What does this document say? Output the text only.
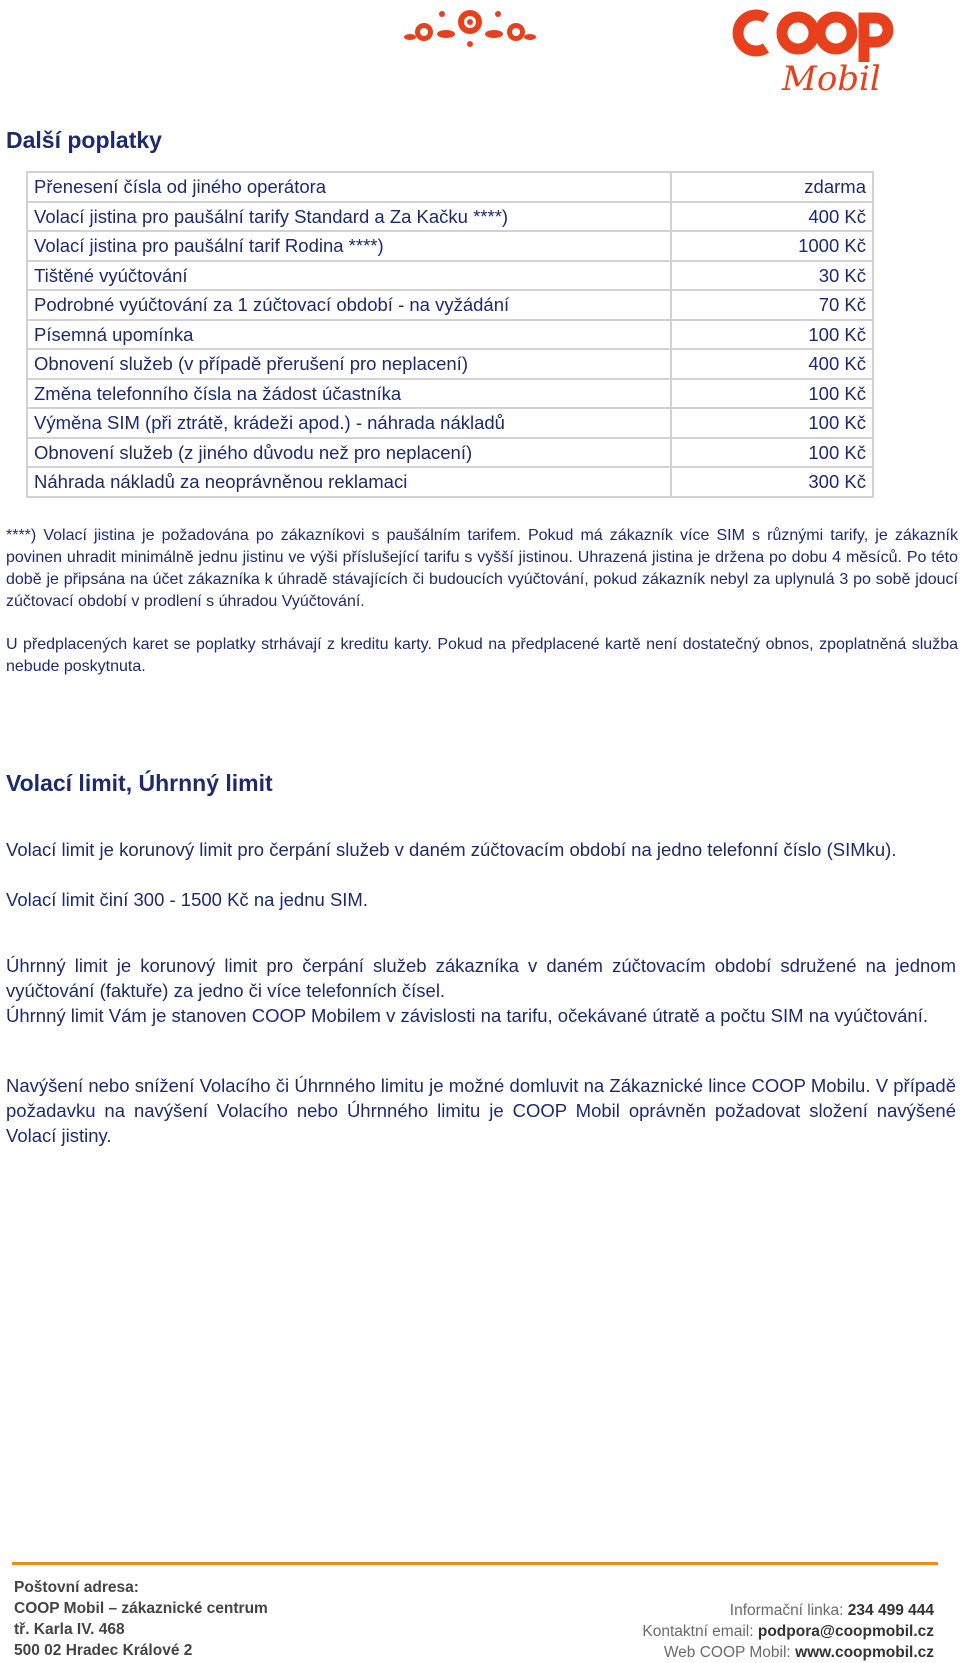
Mobil
Další poplatky
Přenesení čísla od jiného operátora	zdarma
Volací jistina pro paušální tarify Standard a Za Kačku ****)	400 Kč
Volací jistina pro paušální tarif Rodina ****)	1000 Kč
Tištěné vyúčtování	30 Kč
Podrobné vyúčtování za 1 zúčtovací období - na vyžádání	70 Kč
Písemná upomínka	100 Kč
Obnovení služeb (v případě přerušení pro neplacení)	400 Kč
Změna telefonního čísla na žádost účastníka	100 Kč
Výměna SIM (při ztrátě, krádeži apod.) - náhrada nákladů	100 Kč
Obnovení služeb (z jiného důvodu než pro neplacení)	100 Kč
Náhrada nákladů za neoprávněnou reklamaci	300 Kč

****) Volací jistina je požadována po zákazníkovi s paušálním tarifem. Pokud má zákazník více SIM s různými tarify, je zákazník povinen uhradit minimálně jednu jistinu ve výši příslušející tarifu s vyšší jistinou. Uhrazená jistina je držena po dobu 4 měsíců. Po této době je připsána na účet zákazníka k úhradě stávajících či budoucích vyúčtování, pokud zákazník nebyl za uplynulá 3 po sobě jdoucí zúčtovací období v prodlení s úhradou Vyúčtování.

U předplacených karet se poplatky strhávají z kreditu karty. Pokud na předplacené kartě není dostatečný obnos, zpoplatněná služba nebude poskytnuta.

Volací limit, Úhrnný limit

Volací limit je korunový limit pro čerpání služeb v daném zúčtovacím období na jedno telefonní číslo (SIMku).

Volací limit činí 300 - 1500 Kč na jednu SIM.

Úhrnný limit je korunový limit pro čerpání služeb zákazníka v daném zúčtovacím období sdružené na jednom vyúčtování (faktuře) za jedno či více telefonních čísel.

Úhrnný limit Vám je stanoven COOP Mobilem v závislosti na tarifu, očekávané útratě a počtu SIM na vyúčtování.

Navýšení nebo snížení Volacího či Úhrnného limitu je možné domluvit na Zákaznické lince COOP Mobilu. V případě požadavku na navýšení Volacího nebo Úhrnného limitu je COOP Mobil oprávněn požadovat složení navýšené Volací jistiny.

Poštovní adresa:
COOP Mobil – zákaznické centrum
tř. Karla IV. 468
500 02 Hradec Králové 2
Informační linka: 234 499 444
Kontaktní email: podpora@coopmobil.cz
Web COOP Mobil: www.coopmobil.cz
